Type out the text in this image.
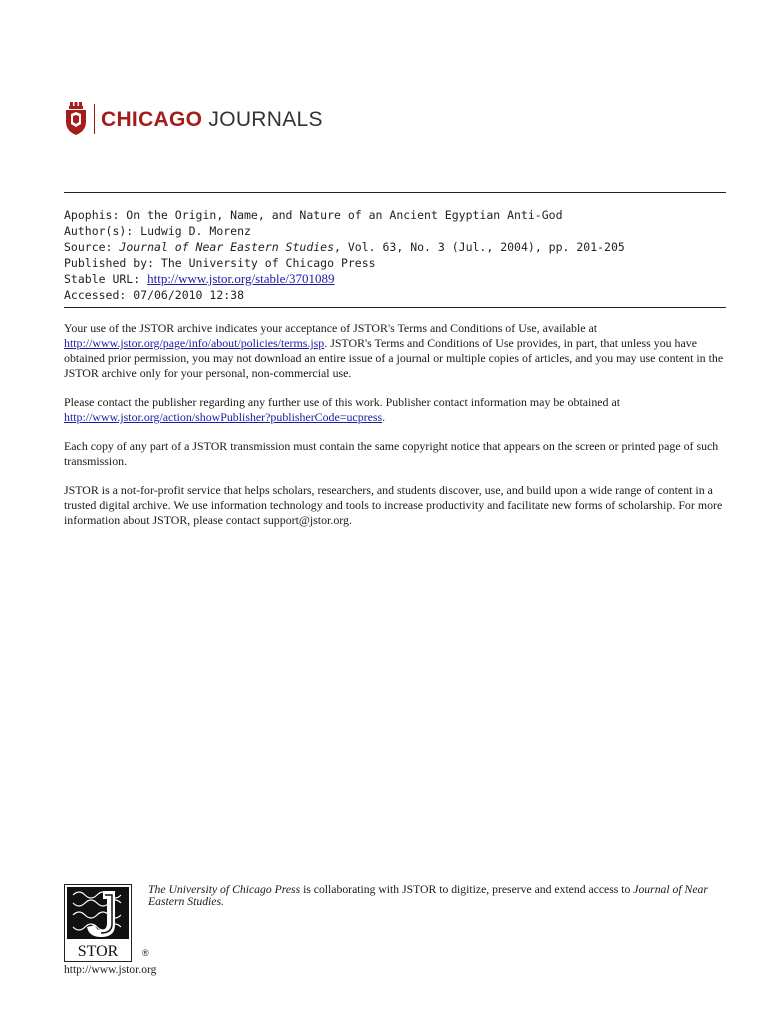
CHICAGO JOURNALS
Apophis: On the Origin, Name, and Nature of an Ancient Egyptian Anti-God
Author(s): Ludwig D. Morenz
Source: Journal of Near Eastern Studies, Vol. 63, No. 3 (Jul., 2004), pp. 201-205
Published by: The University of Chicago Press
Stable URL: http://www.jstor.org/stable/3701089
Accessed: 07/06/2010 12:38

Your use of the JSTOR archive indicates your acceptance of JSTOR's Terms and Conditions of Use, available at
http://www.jstor.org/page/info/about/policies/terms.jsp. JSTOR's Terms and Conditions of Use provides, in part, that unless you have obtained prior permission, you may not download an entire issue of a journal or multiple copies of articles, and you may use content in the JSTOR archive only for your personal, non-commercial use.

Please contact the publisher regarding any further use of this work. Publisher contact information may be obtained at
http://www.jstor.org/action/showPublisher?publisherCode=ucpress.

Each copy of any part of a JSTOR transmission must contain the same copyright notice that appears on the screen or printed page of such transmission.

JSTOR is a not-for-profit service that helps scholars, researchers, and students discover, use, and build upon a wide range of content in a trusted digital archive. We use information technology and tools to increase productivity and facilitate new forms of scholarship. For more information about JSTOR, please contact support@jstor.org.

STOR	®
http://www.jstor.org
The University of Chicago Press is collaborating with JSTOR to digitize, preserve and extend access to Journal of Near Eastern Studies.
